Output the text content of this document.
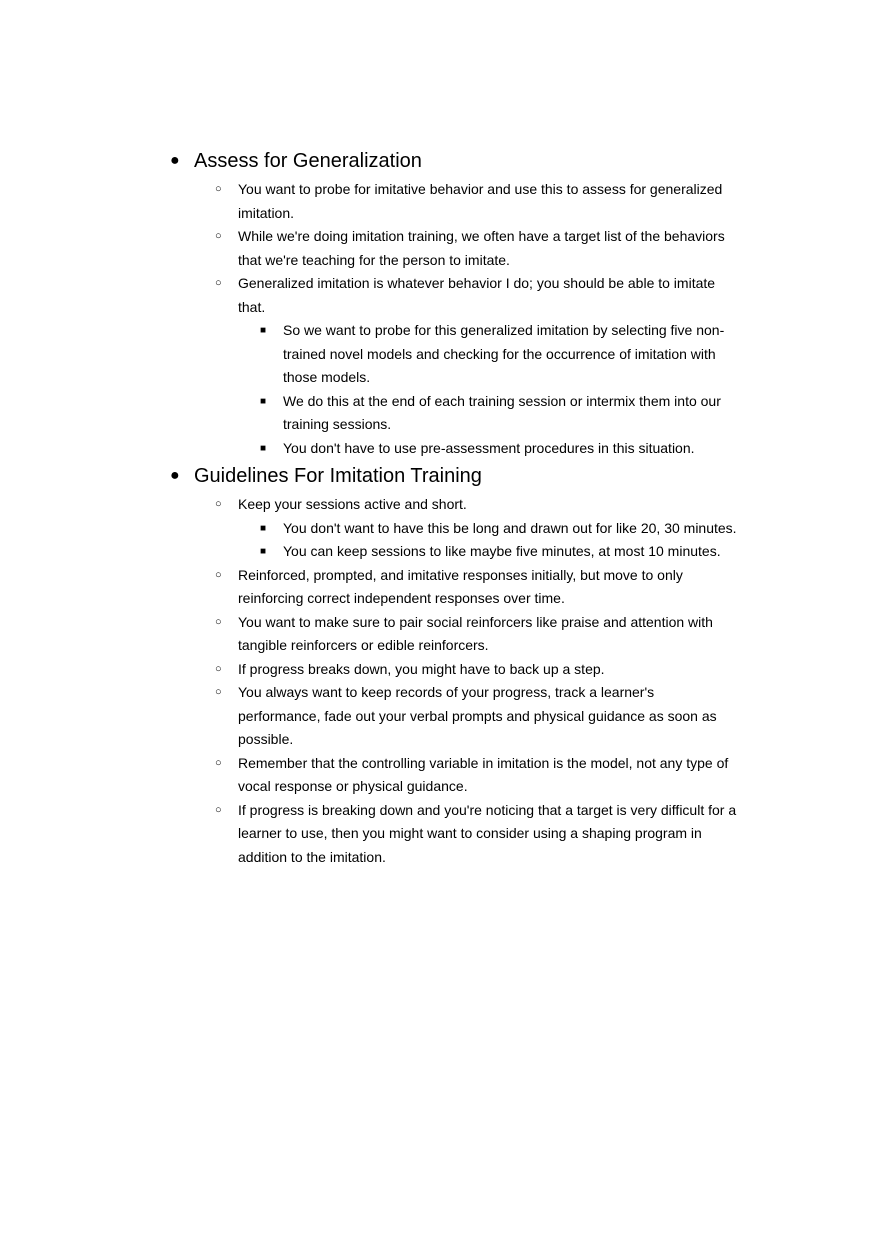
● Assess for Generalization
○ You want to probe for imitative behavior and use this to assess for generalized imitation.
○ While we're doing imitation training, we often have a target list of the behaviors that we're teaching for the person to imitate.
○ Generalized imitation is whatever behavior I do; you should be able to imitate that.
■ So we want to probe for this generalized imitation by selecting five non-trained novel models and checking for the occurrence of imitation with those models.
■ We do this at the end of each training session or intermix them into our training sessions.
■ You don't have to use pre-assessment procedures in this situation.
● Guidelines For Imitation Training
○ Keep your sessions active and short.
■ You don't want to have this be long and drawn out for like 20, 30 minutes.
■ You can keep sessions to like maybe five minutes, at most 10 minutes.
○ Reinforced, prompted, and imitative responses initially, but move to only reinforcing correct independent responses over time.
○ You want to make sure to pair social reinforcers like praise and attention with tangible reinforcers or edible reinforcers.
○ If progress breaks down, you might have to back up a step.
○ You always want to keep records of your progress, track a learner's performance, fade out your verbal prompts and physical guidance as soon as possible.
○ Remember that the controlling variable in imitation is the model, not any type of vocal response or physical guidance.
○ If progress is breaking down and you're noticing that a target is very difficult for a learner to use, then you might want to consider using a shaping program in addition to the imitation.
